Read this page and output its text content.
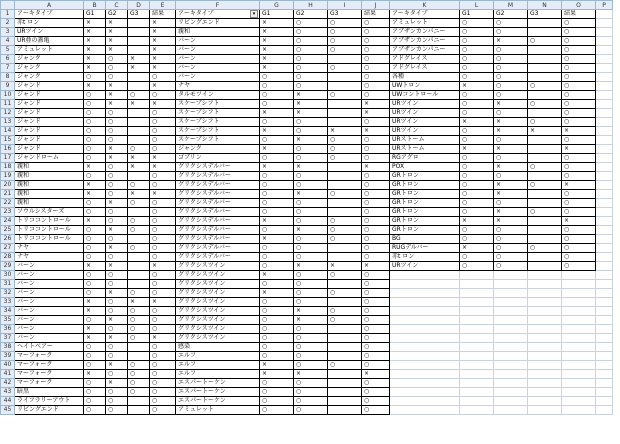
	A	B	C	D	E	F	G	H	I	J	K	L	M	N	O	P
1	アーキタイプ	G1	G2	G3	結果	アーキタイプ ▾	G1	G2	G3	結果	アーキタイプ	G1	G2	G3	結果	
2	赤t ロン	×	×		×	リビングエンド	×	○	○	○	アミュレット	○	○		○	
3	URツイン	×	×		×	親和	×	○	○	○	アブザンカンパニー	○	○		○	
4	UR亜の蓋亀	×	×		×	バーン	×	○	○	○	アブザンカンパニー	○	×	○	○	
5	アミュレット	×	×		×	バーン	×	○	○	○	アブザンカンパニー	○	○		○	
6	ジャンク	×	○	×	×	バーン	×	○		○	アドグレイス	○	○		○	
7	ジャンク	×	○	×	×	バーン	×	○	○	○	アドグレイス	○	○		○	
8	ジャンク	○	○		○	バーン	○	○		○	各種	○	○		○	
9	ジャンド	×	×		×	ナヤ	○	○		○	UWトロン	×	○	○	○	
10	ジャンド	○	×	○	○	タルモツイン	○	×	○	○	UWコントロール	○	○		○	
11	ジャンド	○	×	×	×	スケープシフト	○	×		×	URツイン	○	×	○	○	
12	ジャンド	○	○		○	スケープシフト	×	×		×	URツイン	○	○		○	
13	ジャンド	○	○		○	スケープシフト	○	○		○	URツイン	×	×	○	○	
14	ジャンド	○	○		○	スケープシフト	×	○	×	×	URツイン	○	×	×	×	
15	ジャンド	○	○		○	スケープシフト	○	×	○	○	URストーム	○	○		○	
16	ジャンド	○	×	○	○	ジャンク	×	○	○	○	URストーム	×	×		×	
17	ジャンドローム	○	×	×	×	ゴブリン	○	○	○	○	RGアグロ	○	○		○	
18	親和	×	○	×	×	グリクシスデルバー	×	×		×	POX	○	×	○	○	
19	親和	○	○		○	グリクシスデルバー	○	○		○	GRトロン	○	○		○	
20	親和	×	○	○	○	グリクシスデルバー	○	○		○	GRトロン	○	×	○	×	
21	親和	×	○	×	×	グリクシスデルバー	○	×	○	○	GRトロン	○	×		○	
22	親和	○	×	○	○	グリクシスデルバー	○	○		○	GRトロン	○	○		○	
23	ソウルシスターズ	○	○		○	グリクシスデルバー	○	○		○	GRトロン	○	×	○	○	
24	トリココントロール	×	○	○	○	グリクシスデルバー	×	○	○	○	GRトロン	×	×		×	
25	トリココントロール	○	×	○	○	グリクシスデルバー	○	×	○	○	GRトロン	○	○		○	
26	トリココントロール	○	○		○	グリクシスデルバー	×	○	○	○	BG	○	○		○	
27	ナヤ	○	×	○	○	グリクシスデルバー	○	○		○	RUGデルバー	×	○	○	○	
28	ナヤ	○	○		○	グリクシスデルバー	○	○		○	赤t ロン	○	○		○	
29	バーン	×	×		×	グリクシスツイン	○	×	×	×	URツイン	○	○		○	
30	バーン	○	○		○	グリクシスツイン	×	○	○	○						
31	バーン	○	○		○	グリクシスツイン	○	○		○						
32	バーン	○	×	○	○	グリクシスツイン	×	○	○	○						
33	バーン	×	○	×	×	グリクシスツイン	○	○		○						
34	バーン	×	○	○	○	グリクシスツイン	○	×	○	○						
35	バーン	○	×	○	○	グリクシスツイン	○	×	○	○						
36	バーン	×	○	○	○	グリクシスツイン	○	○		○						
37	バーン	×	×	○	×	グリクシスツイン	○	○		○						
38	ヘイトベアー	○	○		○	感染	○	○		○						
39	マーフォーク	○	○		○	エルフ	○	○		○						
40	マーフォーク	○	×	○	○	エルフ	×	○	○	○						
41	マーフォーク	×	○	○	○	エルフ	×	×		×						
42	マーフォーク	○	×	○	○	エスパートーケン	○	○		○						
43	暗黒	○	○	○	○	エスパートーケン	○	○		○						
44	ライフラリーアウト	○	○		○	エスパートーケン	○	○		○						
45	リビングエンド	○	○		○	アミュレット	○	○		○						
